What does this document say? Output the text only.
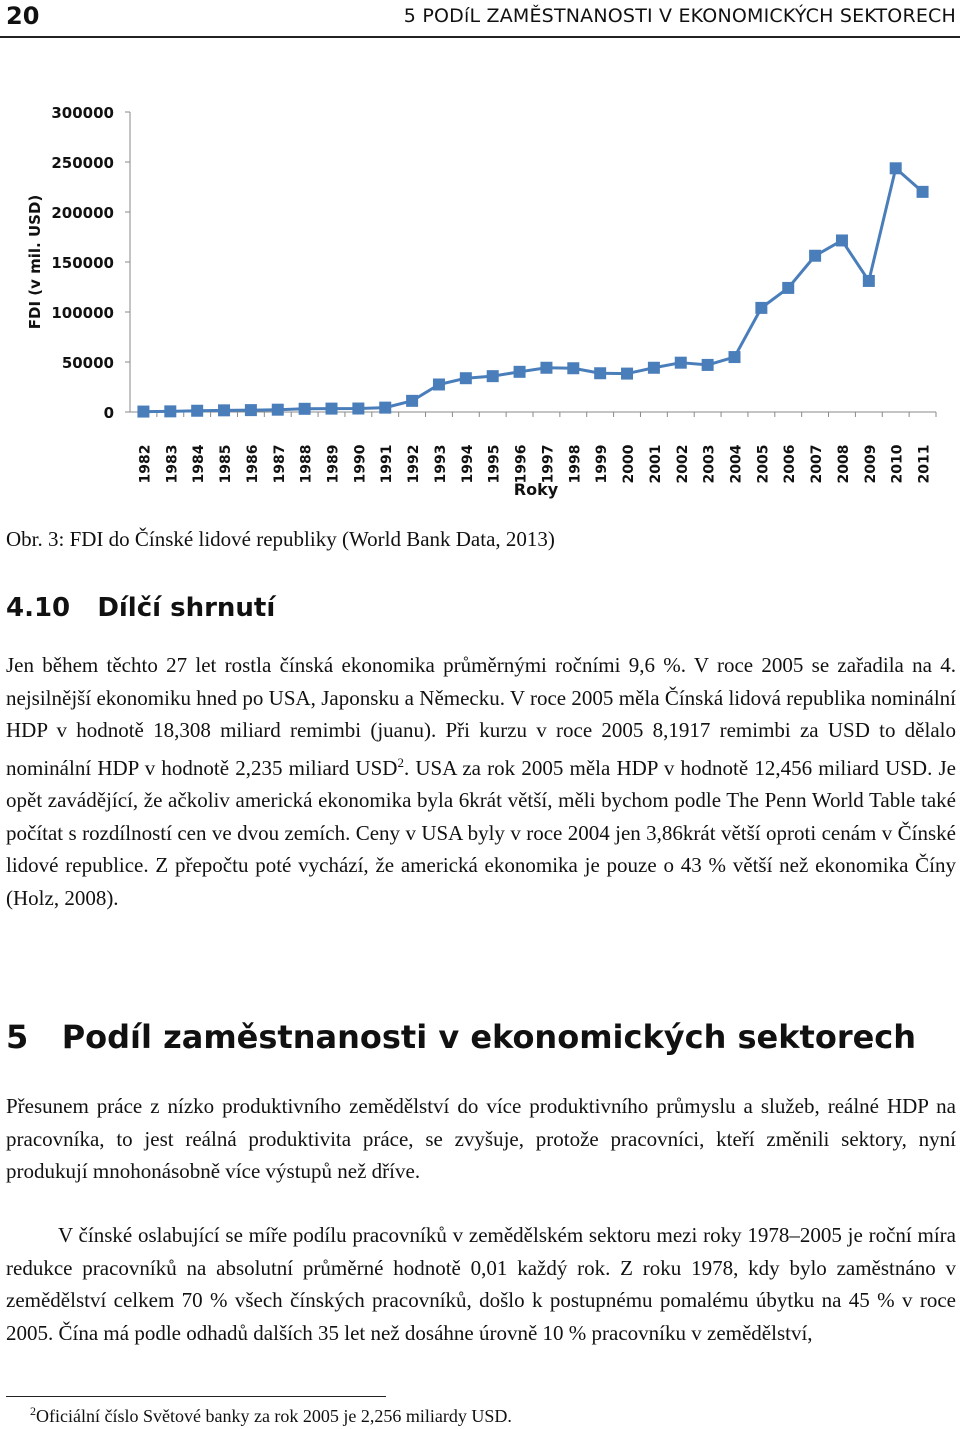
20	5 PODíL ZAMĚSTNANOSTI V EKONOMICKÝCH SEKTORECH
0
50000
100000
150000
200000
250000
300000
1982 1983 1984 1985 1986 1987 1988 1989 1990 1991 1992 1993 1994 1995 1996 1997 1998 1999 2000 2001 2002 2003 2004 2005 2006 2007 2008 2009 2010 2011
FDI (v mil. USD)
Roky
Obr. 3: FDI do Čínské lidové republiky (World Bank Data, 2013)
4.10 Dílčí shrnutí

Jen během těchto 27 let rostla čínská ekonomika průměrnými ročními 9,6 %. V roce 2005 se zařadila na 4. nejsilnější ekonomiku hned po USA, Japonsku a Německu. V roce 2005 měla Čínská lidová republika nominální HDP v hodnotě 18,308 miliard remimbi (juanu). Při kurzu v roce 2005 8,1917 remimbi za USD to dělalo nominální HDP v hodnotě 2,235 miliard USD$^2$. USA za rok 2005 měla HDP v hodnotě 12,456 miliard USD. Je opět zavádějící, že ačkoliv americká ekonomika byla 6krát větší, měli bychom podle The Penn World Table také počítat s rozdílností cen ve dvou zemích. Ceny v USA byly v roce 2004 jen 3,86krát větší oproti cenám v Čínské lidové republice. Z přepočtu poté vychází, že americká ekonomika je pouze o 43 % větší než ekonomika Číny (Holz, 2008).

5 Podíl zaměstnanosti v ekonomických sektorech

Přesunem práce z nízko produktivního zemědělství do více produktivního průmyslu a služeb, reálné HDP na pracovníka, to jest reálná produktivita práce, se zvyšuje, protože pracovníci, kteří změnili sektory, nyní produkují mnohonásobně více výstupů než dříve.

V čínské oslabující se míře podílu pracovníků v zemědělském sektoru mezi roky 1978–2005 je roční míra redukce pracovníků na absolutní průměrné hodnotě 0,01 každý rok. Z roku 1978, kdy bylo zaměstnáno v zemědělství celkem 70 % všech čínských pracovníků, došlo k postupnému pomalému úbytku na 45 % v roce 2005. Čína má podle odhadů dalších 35 let než dosáhne úrovně 10 % pracovníku v zemědělství,

$^2$Oficiální číslo Světové banky za rok 2005 je 2,256 miliardy USD.
